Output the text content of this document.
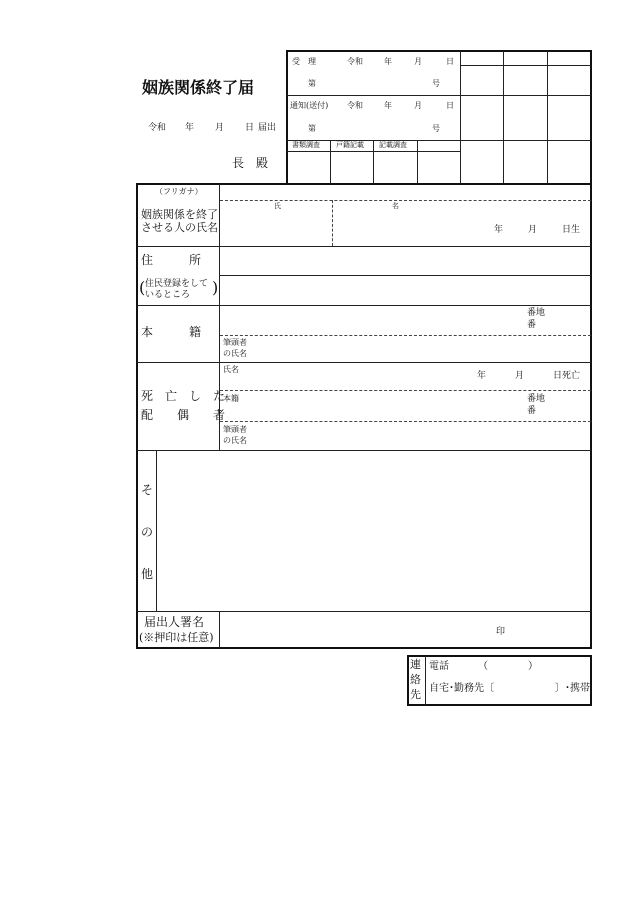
姻族関係終了届
令和 年 月 日 届出
長　殿
受　理	令和	年	月	日
第	号
通知(送付) 令和	年	月	日
第	号
書類調査 戸籍記載 記載調査
（フリガナ）
姻族関係を終了
させる人の氏名
氏	名
年	月	日生
住　　　所
( 住民登録をして
いるところ )
本　　　籍
番地
番
筆頭者
の氏名
死　亡　し　た
配　　偶　　者
氏名
年	月	日死亡
本籍	番地
番
筆頭者
の氏名
そ
の
他
届出人署名
(※押印は任意)	印
連
絡
先
電話	（　　　　）
自宅･勤務先〔	〕･携帯
